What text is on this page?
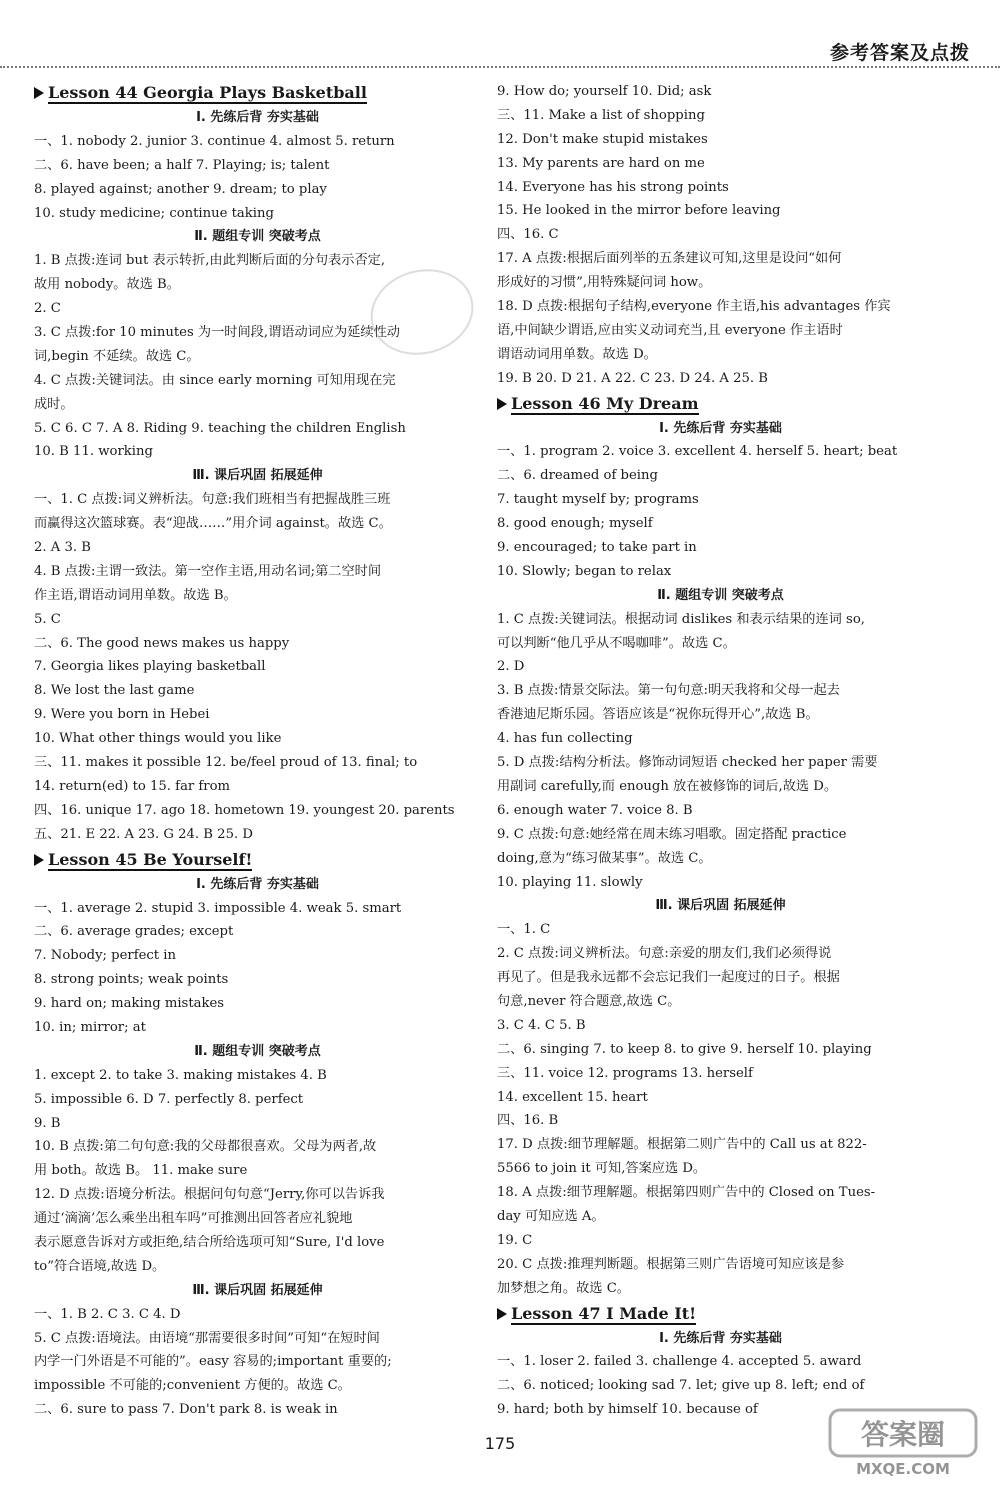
参考答案及点拨
Lesson 44 Georgia Plays Basketball
Ⅰ. 先练后背 夯实基础
一、1. nobody 2. junior 3. continue 4. almost 5. return
二、6. have been; a half 7. Playing; is; talent
8. played against; another 9. dream; to play
10. study medicine; continue taking
Ⅱ. 题组专训 突破考点
1. B 点拨:连词 but 表示转折,由此判断后面的分句表示否定,
故用 nobody。故选 B。
2. C
3. C 点拨:for 10 minutes 为一时间段,谓语动词应为延续性动
词,begin 不延续。故选 C。
4. C 点拨:关键词法。由 since early morning 可知用现在完
成时。
5. C 6. C 7. A 8. Riding 9. teaching the children English
10. B 11. working
Ⅲ. 课后巩固 拓展延伸
一、1. C 点拨:词义辨析法。句意:我们班相当有把握战胜三班
而赢得这次篮球赛。表“迎战……”用介词 against。故选 C。
2. A 3. B
4. B 点拨:主谓一致法。第一空作主语,用动名词;第二空时间
作主语,谓语动词用单数。故选 B。
5. C
二、6. The good news makes us happy
7. Georgia likes playing basketball
8. We lost the last game
9. Were you born in Hebei
10. What other things would you like
三、11. makes it possible 12. be/feel proud of 13. final; to
14. return(ed) to 15. far from
四、16. unique 17. ago 18. hometown 19. youngest 20. parents
五、21. E 22. A 23. G 24. B 25. D
Lesson 45 Be Yourself!
Ⅰ. 先练后背 夯实基础
一、1. average 2. stupid 3. impossible 4. weak 5. smart
二、6. average grades; except
7. Nobody; perfect in
8. strong points; weak points
9. hard on; making mistakes
10. in; mirror; at
Ⅱ. 题组专训 突破考点
1. except 2. to take 3. making mistakes 4. B
5. impossible 6. D 7. perfectly 8. perfect
9. B
10. B 点拨:第二句句意:我的父母都很喜欢。父母为两者,故
用 both。故选 B。 11. make sure
12. D 点拨:语境分析法。根据问句句意“Jerry,你可以告诉我
通过‘滴滴’怎么乘坐出租车吗”可推测出回答者应礼貌地
表示愿意告诉对方或拒绝,结合所给选项可知“Sure, I'd love
to”符合语境,故选 D。
Ⅲ. 课后巩固 拓展延伸
一、1. B 2. C 3. C 4. D
5. C 点拨:语境法。由语境“那需要很多时间”可知“在短时间
内学一门外语是不可能的”。easy 容易的;important 重要的;
impossible 不可能的;convenient 方便的。故选 C。
二、6. sure to pass 7. Don't park 8. is weak in
9. How do; yourself 10. Did; ask
三、11. Make a list of shopping
12. Don't make stupid mistakes
13. My parents are hard on me
14. Everyone has his strong points
15. He looked in the mirror before leaving
四、16. C
17. A 点拨:根据后面列举的五条建议可知,这里是设问“如何
形成好的习惯”,用特殊疑问词 how。
18. D 点拨:根据句子结构,everyone 作主语,his advantages 作宾
语,中间缺少谓语,应由实义动词充当,且 everyone 作主语时
谓语动词用单数。故选 D。
19. B 20. D 21. A 22. C 23. D 24. A 25. B
Lesson 46 My Dream
Ⅰ. 先练后背 夯实基础
一、1. program 2. voice 3. excellent 4. herself 5. heart; beat
二、6. dreamed of being
7. taught myself by; programs
8. good enough; myself
9. encouraged; to take part in
10. Slowly; began to relax
Ⅱ. 题组专训 突破考点
1. C 点拨:关键词法。根据动词 dislikes 和表示结果的连词 so,
可以判断“他几乎从不喝咖啡”。故选 C。
2. D
3. B 点拨:情景交际法。第一句句意:明天我将和父母一起去
香港迪尼斯乐园。答语应该是“祝你玩得开心”,故选 B。
4. has fun collecting
5. D 点拨:结构分析法。修饰动词短语 checked her paper 需要
用副词 carefully,而 enough 放在被修饰的词后,故选 D。
6. enough water 7. voice 8. B
9. C 点拨:句意:她经常在周末练习唱歌。固定搭配 practice
doing,意为“练习做某事”。故选 C。
10. playing 11. slowly
Ⅲ. 课后巩固 拓展延伸
一、1. C
2. C 点拨:词义辨析法。句意:亲爱的朋友们,我们必须得说
再见了。但是我永远都不会忘记我们一起度过的日子。根据
句意,never 符合题意,故选 C。
3. C 4. C 5. B
二、6. singing 7. to keep 8. to give 9. herself 10. playing
三、11. voice 12. programs 13. herself
14. excellent 15. heart
四、16. B
17. D 点拨:细节理解题。根据第二则广告中的 Call us at 822-
5566 to join it 可知,答案应选 D。
18. A 点拨:细节理解题。根据第四则广告中的 Closed on Tues-
day 可知应选 A。
19. C
20. C 点拨:推理判断题。根据第三则广告语境可知应该是参
加梦想之角。故选 C。
Lesson 47 I Made It!
Ⅰ. 先练后背 夯实基础
一、1. loser 2. failed 3. challenge 4. accepted 5. award
二、6. noticed; looking sad 7. let; give up 8. left; end of
9. hard; both by himself 10. because of
175	答案圈
MXQE.COM
